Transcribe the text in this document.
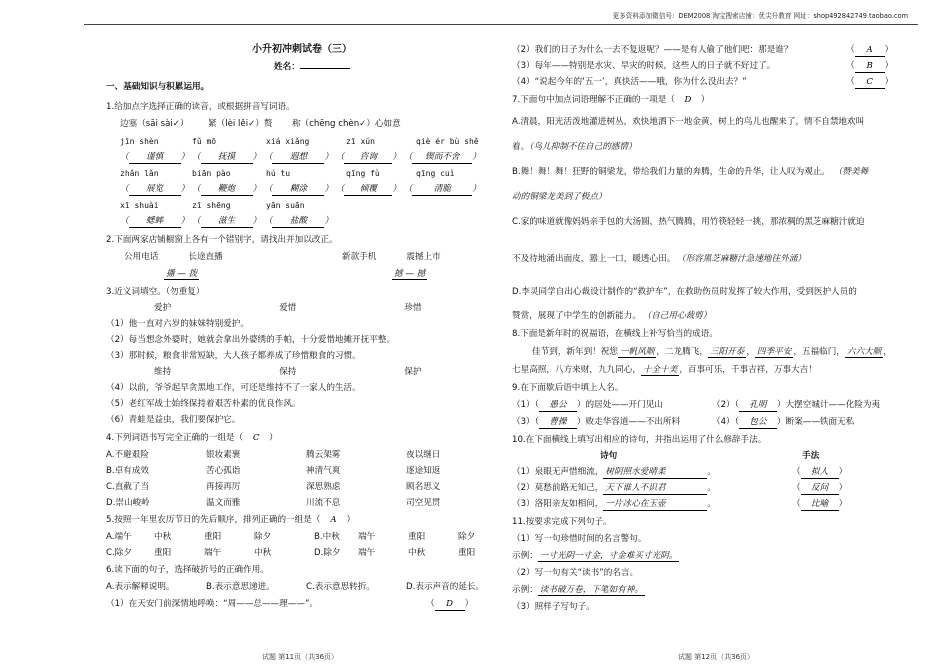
更多资料添加微信号：DEM2008 淘宝搜索店铺：优尖升教育 网址：shop492842749.taobao.com
小升初冲刺试卷（三）
姓名：
一、基础知识与积累运用。
1.给加点字选择正确的读音，或根据拼音写词语。
边塞（sāi sài✓） 紧（lèi lěi✓）赘 称（chēng chèn✓）心如意
jīn shèn	fǔ mō	xiá xiǎng	zī xún	qiè ér bù shě
（ 谨慎 ） （ 抚摸 ） （ 遐想 ） （ 咨询 ） （ 锲而不舍 ）
zhǎn lǎn	biān pào	hú tu	qīng fù	qīng cuì
（ 展览 ） （ 鞭炮 ） （ 糊涂 ） （ 倾覆 ） （ 清脆 ）
xī shuài	zī shēng	yān suān
（ 蟋蟀 ） （ 滋生 ） （ 盐酸 ）
2.下面两家店铺橱窗上各有一个错别字，请找出并加以改正。
公用电话	长途直播	新款手机	震撼上市
播 — 拨	撼 — 撼
3.近义词填空。（勿重复）
爱护	爱惜	珍惜
（1）他一直对六岁的妹妹特别爱护。
（2）每当想念外婆时，她就会拿出外婆绣的手帕，十分爱惜地摊开抚平整。
（3）那时候，粮食非常短缺，大人孩子都养成了珍惜粮食的习惯。
维持	保持	保护
（4）以前，爷爷起早贪黑地工作，可还是维持不了一家人的生活。
（5）老红军战士始终保持着艰苦朴素的优良作风。
（6）青蛙是益虫，我们要保护它。
4.下列词语书写完全正确的一组是（ C ）
A.不避艰险	银妆素裹	腾云架雾	夜以继日
B.卓有成效	苦心孤诣	神清气爽	逐途知返
C.直截了当	再接再厉	深思熟虑	顾名思义
D.崇山峻岭	温文而雅	川流不息	司空见贯
5.按照一年里农历节日的先后顺序，排列正确的一组是（ A ）
A.端午	中秋	重阳	除夕	B.中秋 端午	重阳	除夕
C.除夕	重阳	端午	中秋	D.除夕 端午	中秋	重阳
6.读下面的句子，选择破折号的正确作用。
A.表示解释说明。	B.表示意思递进。	C.表示意思转折。	D.表示声音的延长。
（1）在天安门前深情地呼唤：“周——总——理——”。	（ D ）
试题 第11页（共36页）
（2）我们的日子为什么一去不复返呢？——是有人偷了他们吧：那是谁？	（ A ）
（3）每年——特别是水灾、旱灾的时候，这些人的日子就不好过了。	（ B ）
（4）“说起今年的‘五一’，真快活——哦，你为什么没出去？”	（ C ）
7.下面句中加点词语理解不正确的一项是（ D ）
A.清晨，阳光活泼地灌进树丛，欢快地洒下一地金黄，树上的鸟儿也醒来了，情不自禁地欢叫
着。（鸟儿抑制不住自己的感情）
B.舞！舞！舞！狂野的铜梁龙，带给我们力量的奔腾，生命的升华，让人叹为观止。 （赞美舞
动的铜梁龙美到了极点）
C.家的味道就像妈妈亲手包的大汤圆，热气腾腾，用竹筷轻轻一挑，那浓稠的黑芝麻糖汁就迫
不及待地涌出面皮，嚣上一口，暖透心田。 （形容黑芝麻糖汁急速地往外涌）
D.李灵同学自出心裁设计制作的“救护车”，在救助伤员时发挥了较大作用，受到医护人员的
赞赏，展现了中学生的创新能力。 （自己用心裁剪）
8.下面是新年时的祝福语，在横线上补写恰当的成语。
佳节到，新年到！祝您 一帆风顺 ，二龙腾飞， 三阳开泰 ， 四季平安 ，五福临门， 六六大顺 ，
七星高照，八方来财，九九同心， 十全十美 ，百事可乐，千事吉祥，万事大吉！
9.在下面歇后语中填上人名。
（1）（ 愚公 ）的居处——开门见山	（2）（ 孔明 ）大摆空城计——化险为夷
（3）（ 曹操 ）败走华容道——不出所料	（4）（ 包公 ）断案——铁面无私
10.在下面横线上填写出相应的诗句，并指出运用了什么修辞手法。
诗句	手法
（1）泉眼无声惜细流， 树阴照水爱晴柔	。	（ 拟人 ）
（2）莫愁前路无知己， 天下谁人不识君	。	（ 反问 ）
（3）洛阳亲友如相问， 一片冰心在玉壶	。	（ 比喻 ）
11.按要求完成下列句子。
（1）写一句珍惜时间的名言警句。
示例： 一寸光阴一寸金，寸金难买寸光阴。
（2）写一句有关“读书”的名言。
示例： 读书破万卷，下笔如有神。
（3）照样子写句子。
试题 第12页（共36页）
